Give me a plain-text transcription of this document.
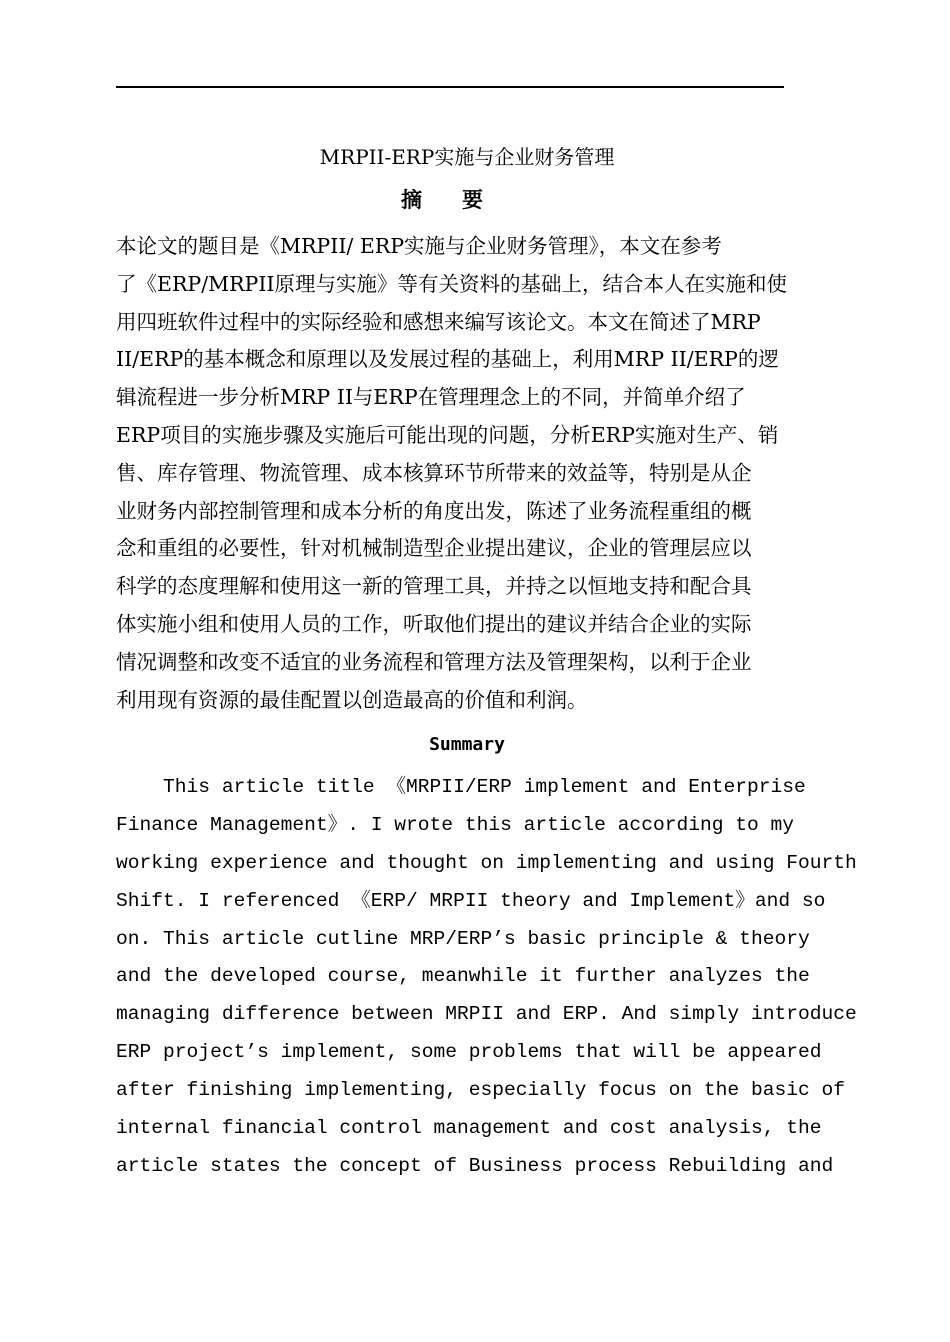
MRPII-ERP实施与企业财务管理
摘要
本论文的题目是《MRPII/ ERP实施与企业财务管理》，本文在参考
了《ERP/MRPII原理与实施》等有关资料的基础上，结合本人在实施和使
用四班软件过程中的实际经验和感想来编写该论文。本文在简述了MRP
II/ERP的基本概念和原理以及发展过程的基础上，利用MRP II/ERP的逻
辑流程进一步分析MRP II与ERP在管理理念上的不同，并简单介绍了
ERP项目的实施步骤及实施后可能出现的问题，分析ERP实施对生产、销
售、库存管理、物流管理、成本核算环节所带来的效益等，特别是从企
业财务内部控制管理和成本分析的角度出发，陈述了业务流程重组的概
念和重组的必要性，针对机械制造型企业提出建议，企业的管理层应以
科学的态度理解和使用这一新的管理工具，并持之以恒地支持和配合具
体实施小组和使用人员的工作，听取他们提出的建议并结合企业的实际
情况调整和改变不适宜的业务流程和管理方法及管理架构，以利于企业
利用现有资源的最佳配置以创造最高的价值和利润。
Summary
This article title 《MRPII/ERP implement and Enterprise
Finance Management》. I wrote this article according to my
working experience and thought on implementing and using Fourth
Shift. I referenced 《ERP/ MRPII theory and Implement》and so
on. This article cutline MRP/ERP’s basic principle & theory
and the developed course, meanwhile it further analyzes the
managing difference between MRPII and ERP. And simply introduce
ERP project’s implement, some problems that will be appeared
after finishing implementing, especially focus on the basic of
internal financial control management and cost analysis, the
article states the concept of Business process Rebuilding and
